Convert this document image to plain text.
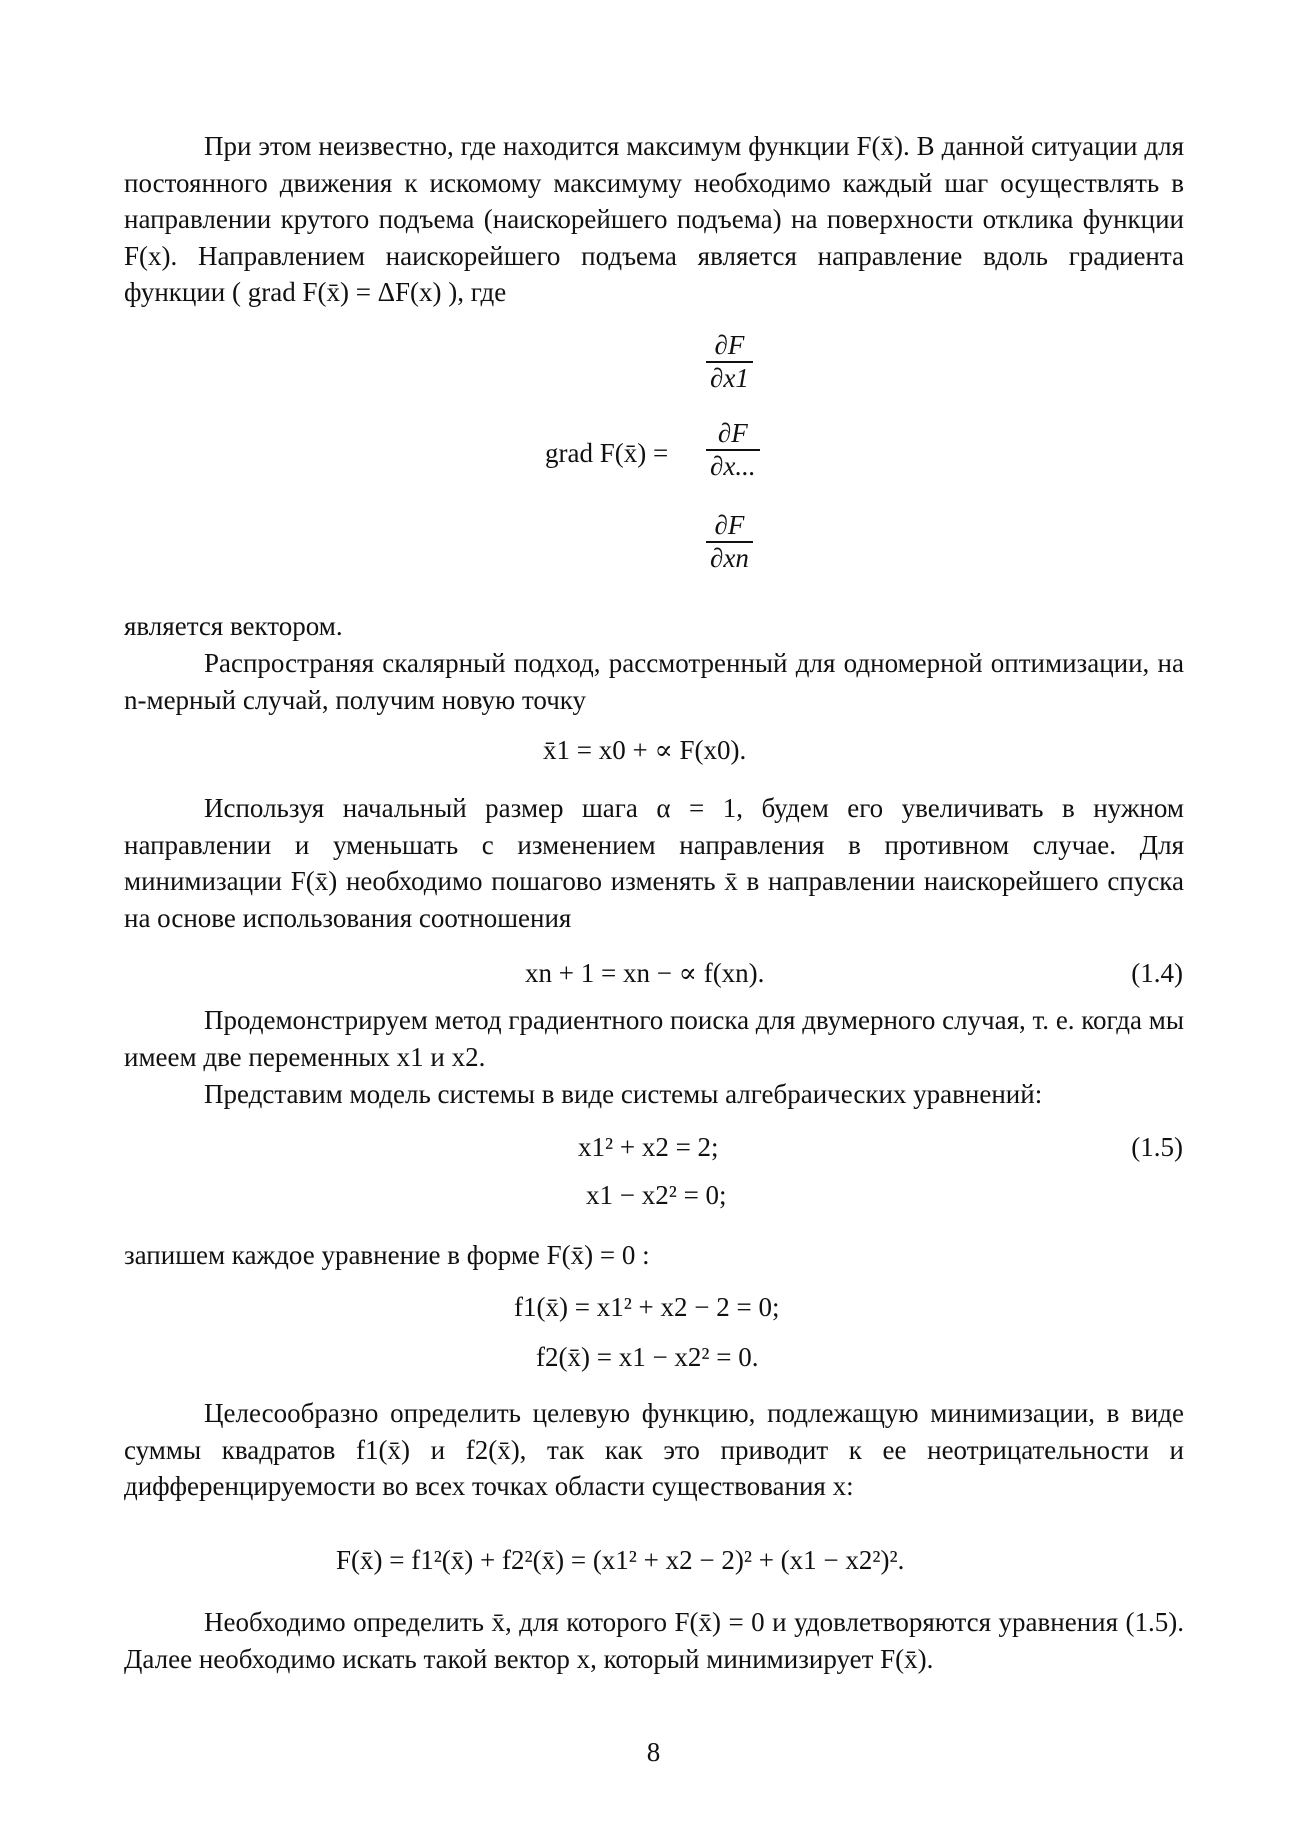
При этом неизвестно, где находится максимум функции F(x̄). В данной ситуации для постоянного движения к искомому максимуму необходимо каждый шаг осуществлять в направлении крутого подъема (наискорейшего подъема) на поверхности отклика функции F(x). Направлением наискорейшего подъема является направление вдоль градиента функции ( grad F(x̄) = ΔF(x) ), где

grad F(x̄) =
$\frac{\partial F}{\partial x1}$
$\frac{\partial F}{\partial x...}$
$\frac{\partial F}{\partial xn}$

является вектором.

Распространяя скалярный подход, рассмотренный для одномерной оптимизации, на n-мерный случай, получим новую точку

x̄1 = x0 + ∝ F(x0).

Используя начальный размер шага α = 1, будем его увеличивать в нужном направлении и уменьшать с изменением направления в противном случае. Для минимизации F(x̄) необходимо пошагово изменять x̄ в направлении наискорейшего спуска на основе использования соотношения

xn + 1 = xn − ∝ f(xn).	(1.4)

Продемонстрируем метод градиентного поиска для двумерного случая, т. е. когда мы имеем две переменных x1 и x2.

Представим модель системы в виде системы алгебраических уравнений:

x1² + x2 = 2;
x1 − x2² = 0;
(1.5)

запишем каждое уравнение в форме F(x̄) = 0 :

f1(x̄) = x1² + x2 − 2 = 0;
f2(x̄) = x1 − x2² = 0.

Целесообразно определить целевую функцию, подлежащую минимизации, в виде суммы квадратов f1(x̄) и f2(x̄), так как это приводит к ее неотрицательности и дифференцируемости во всех точках области существования x:

F(x̄) = f1²(x̄) + f2²(x̄) = (x1² + x2 − 2)² + (x1 − x2²)².

Необходимо определить x̄, для которого F(x̄) = 0 и удовлетворяются уравнения (1.5). Далее необходимо искать такой вектор x, который минимизирует F(x̄).

8
